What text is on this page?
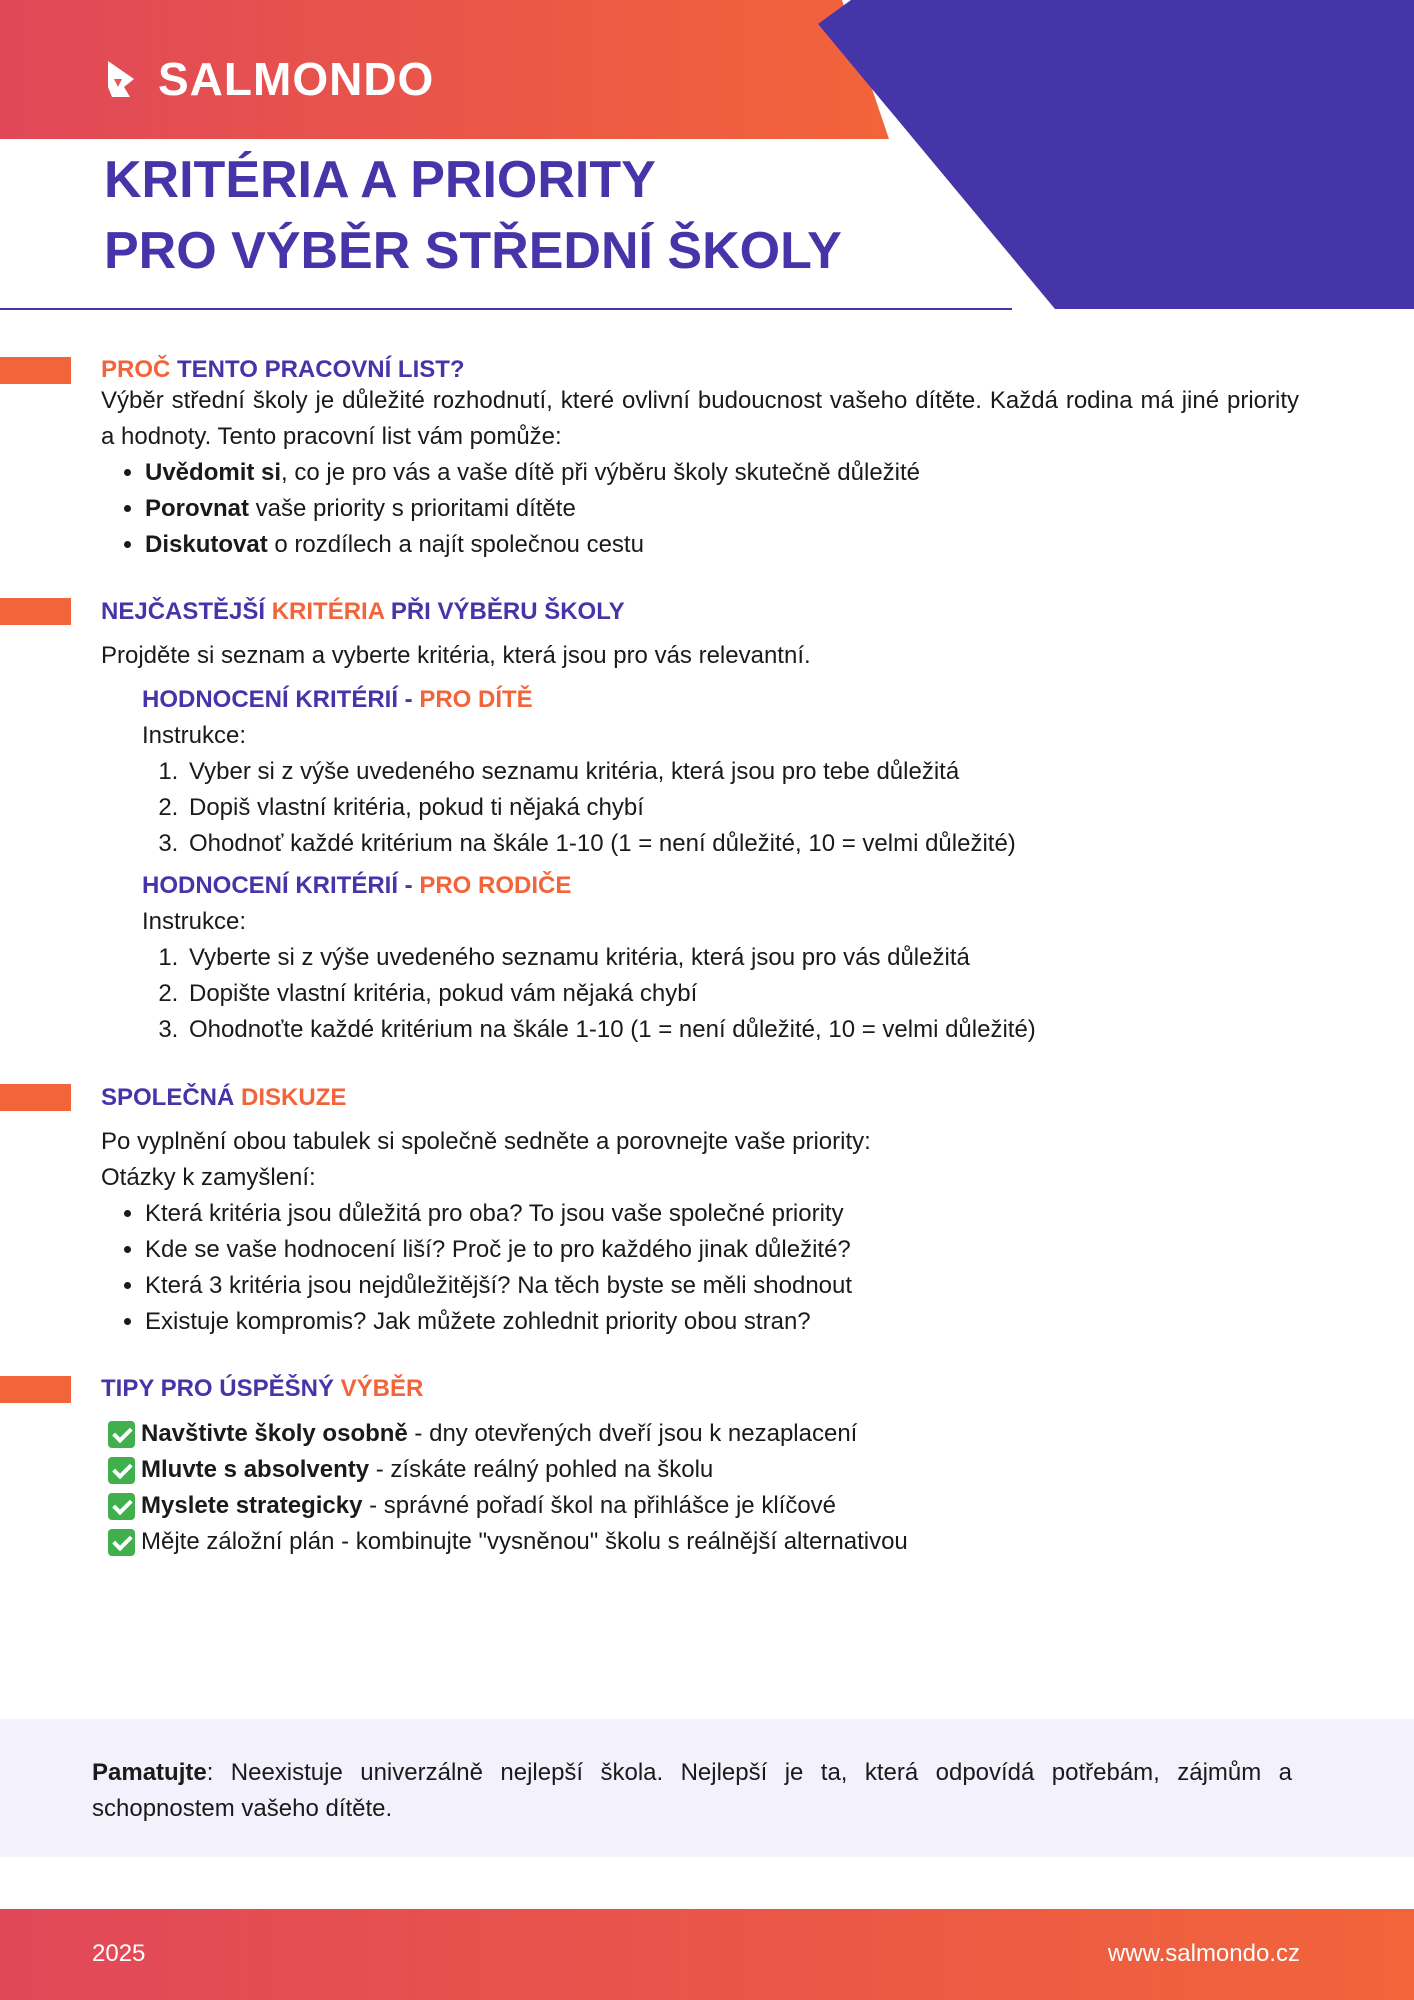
SALMONDO
KRITÉRIA A PRIORITY
PRO VÝBĚR STŘEDNÍ ŠKOLY
PROČ TENTO PRACOVNÍ LIST?
Výběr střední školy je důležité rozhodnutí, které ovlivní budoucnost vašeho dítěte. Každá rodina má jiné priority a hodnoty. Tento pracovní list vám pomůže:
• Uvědomit si, co je pro vás a vaše dítě při výběru školy skutečně důležité
• Porovnat vaše priority s prioritami dítěte
• Diskutovat o rozdílech a najít společnou cestu
NEJČASTĚJŠÍ KRITÉRIA PŘI VÝBĚRU ŠKOLY
Projděte si seznam a vyberte kritéria, která jsou pro vás relevantní.
HODNOCENÍ KRITÉRIÍ - PRO DÍTĚ
Instrukce:
1. Vyber si z výše uvedeného seznamu kritéria, která jsou pro tebe důležitá
2. Dopiš vlastní kritéria, pokud ti nějaká chybí
3. Ohodnoť každé kritérium na škále 1-10 (1 = není důležité, 10 = velmi důležité)
HODNOCENÍ KRITÉRIÍ - PRO RODIČE
Instrukce:
1. Vyberte si z výše uvedeného seznamu kritéria, která jsou pro vás důležitá
2. Dopište vlastní kritéria, pokud vám nějaká chybí
3. Ohodnoťte každé kritérium na škále 1-10 (1 = není důležité, 10 = velmi důležité)
SPOLEČNÁ DISKUZE
Po vyplnění obou tabulek si společně sedněte a porovnejte vaše priority:
Otázky k zamyšlení:
• Která kritéria jsou důležitá pro oba? To jsou vaše společné priority
• Kde se vaše hodnocení liší? Proč je to pro každého jinak důležité?
• Která 3 kritéria jsou nejdůležitější? Na těch byste se měli shodnout
• Existuje kompromis? Jak můžete zohlednit priority obou stran?
TIPY PRO ÚSPĚŠNÝ VÝBĚR
Navštivte školy osobně - dny otevřených dveří jsou k nezaplacení
Mluvte s absolventy - získáte reálný pohled na školu
Myslete strategicky - správné pořadí škol na přihlášce je klíčové
Mějte záložní plán - kombinujte "vysněnou" školu s reálnější alternativou

Pamatujte: Neexistuje univerzálně nejlepší škola. Nejlepší je ta, která odpovídá potřebám, zájmům a schopnostem vašeho dítěte.

2025	www.salmondo.cz
